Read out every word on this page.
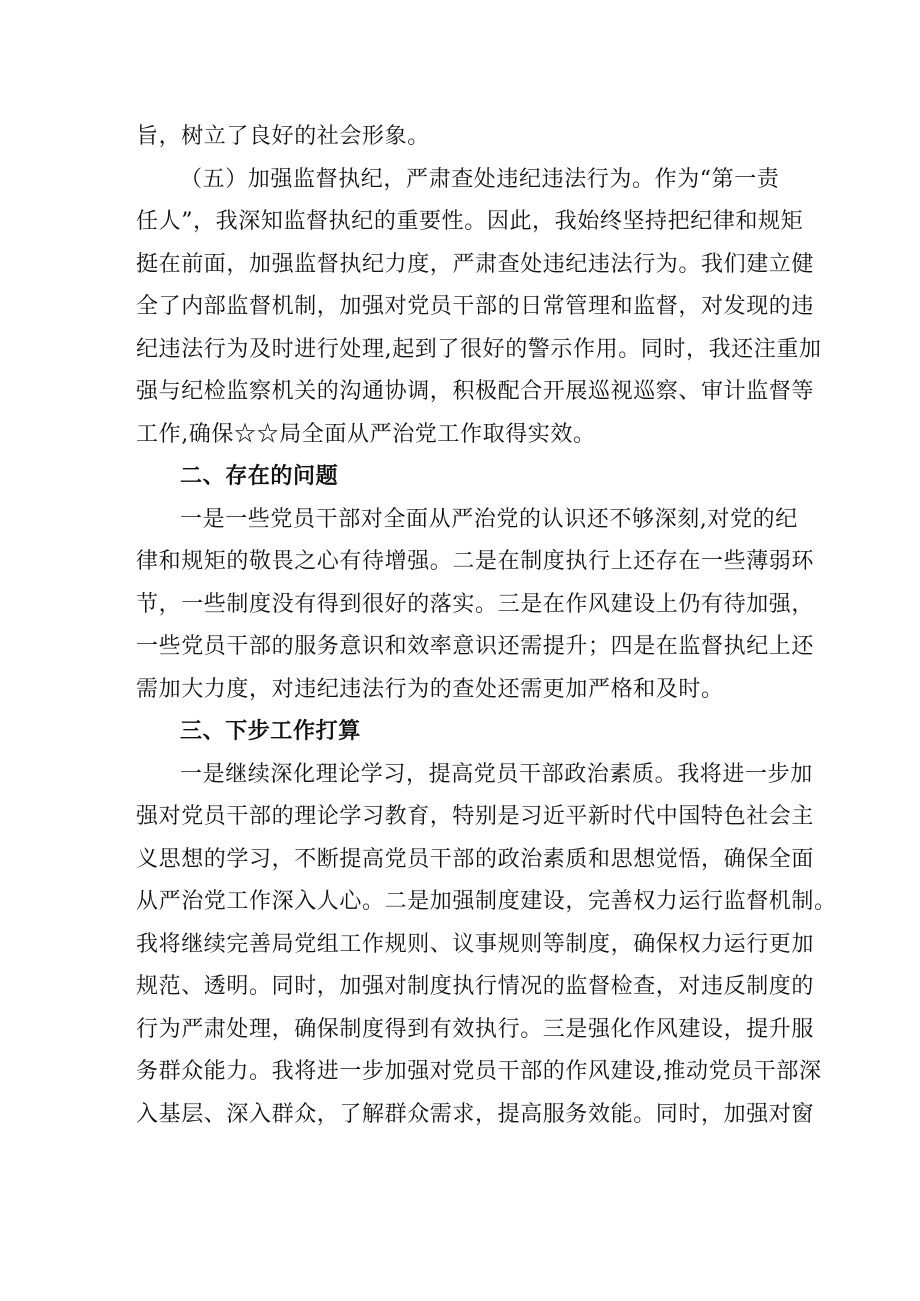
旨，树立了良好的社会形象。
（五）加强监督执纪，严肃查处违纪违法行为。作为“第一责
任人”，我深知监督执纪的重要性。因此，我始终坚持把纪律和规矩
挺在前面，加强监督执纪力度，严肃查处违纪违法行为。我们建立健
全了内部监督机制，加强对党员干部的日常管理和监督，对发现的违
纪违法行为及时进行处理,起到了很好的警示作用。同时，我还注重加
强与纪检监察机关的沟通协调，积极配合开展巡视巡察、审计监督等
工作,确保☆☆局全面从严治党工作取得实效。
二、存在的问题
一是一些党员干部对全面从严治党的认识还不够深刻,对党的纪
律和规矩的敬畏之心有待增强。二是在制度执行上还存在一些薄弱环
节，一些制度没有得到很好的落实。三是在作风建设上仍有待加强，
一些党员干部的服务意识和效率意识还需提升；四是在监督执纪上还
需加大力度，对违纪违法行为的查处还需更加严格和及时。
三、下步工作打算
一是继续深化理论学习，提高党员干部政治素质。我将进一步加
强对党员干部的理论学习教育，特别是习近平新时代中国特色社会主
义思想的学习，不断提高党员干部的政治素质和思想觉悟，确保全面
从严治党工作深入人心。二是加强制度建设，完善权力运行监督机制。
我将继续完善局党组工作规则、议事规则等制度，确保权力运行更加
规范、透明。同时，加强对制度执行情况的监督检查，对违反制度的
行为严肃处理，确保制度得到有效执行。三是强化作风建设，提升服
务群众能力。我将进一步加强对党员干部的作风建设,推动党员干部深
入基层、深入群众，了解群众需求，提高服务效能。同时，加强对窗
